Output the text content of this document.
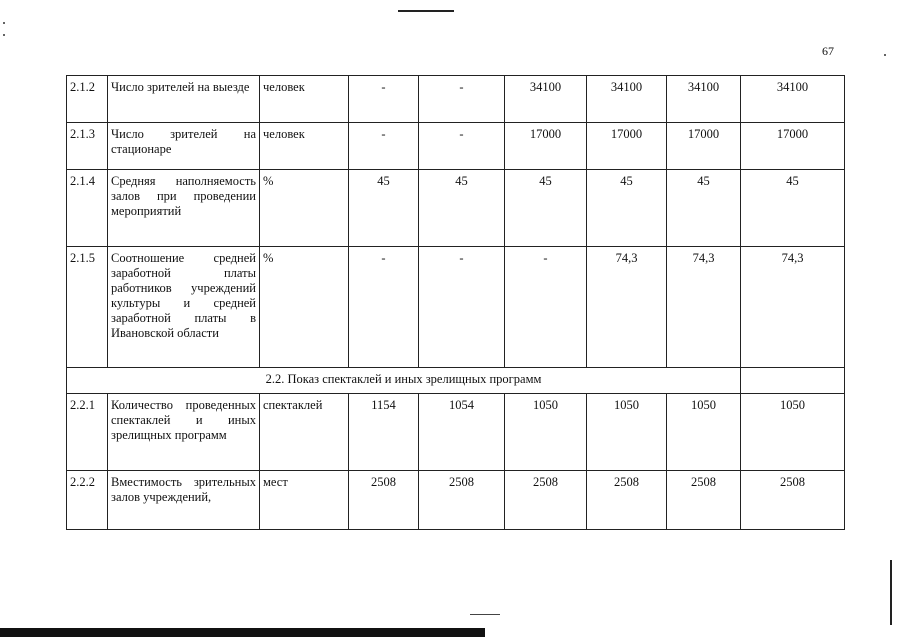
67
2.1.2	Число зрителей на выезде	человек	-	-	34100	34100	34100	34100
2.1.3	Число зрителей на стационаре	человек	-	-	17000	17000	17000	17000
2.1.4	Средняя наполняемость залов при проведении мероприятий	%	45	45	45	45	45	45
2.1.5	Соотношение средней заработной платы работников учреждений культуры и средней заработной платы в Ивановской области	%	-	-	-	74,3	74,3	74,3
2.2. Показ спектаклей и иных зрелищных программ								
2.2.1	Количество проведенных спектаклей и иных зрелищных программ	спектаклей	1154	1054	1050	1050	1050	1050
2.2.2	Вместимость зрительных залов учреждений,	мест	2508	2508	2508	2508	2508	2508
